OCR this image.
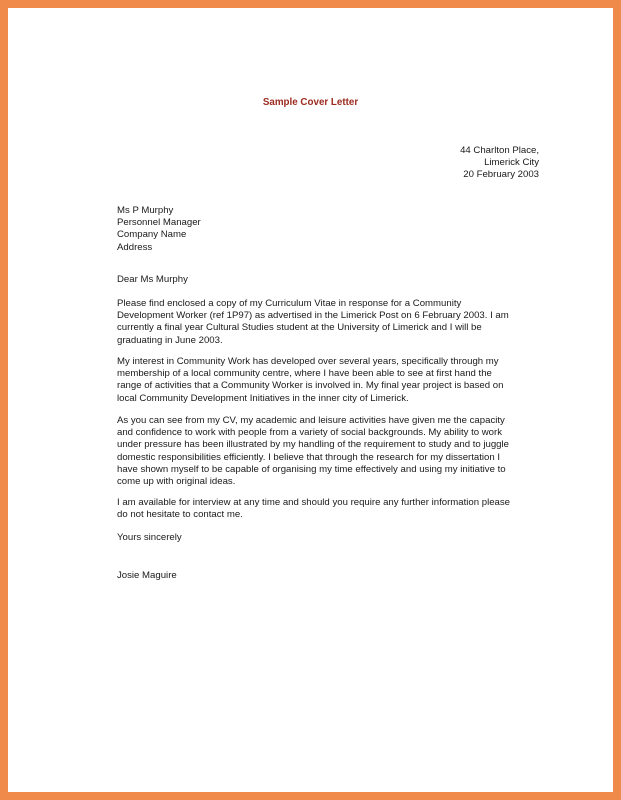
Sample Cover Letter
44 Charlton Place,
Limerick City
20 February 2003
Ms P Murphy
Personnel Manager
Company Name
Address
Dear Ms Murphy
Please find enclosed a copy of my Curriculum Vitae in response for a Community
Development Worker (ref 1P97) as advertised in the Limerick Post on 6 February 2003. I am
currently a final year Cultural Studies student at the University of Limerick and I will be
graduating in June 2003.
My interest in Community Work has developed over several years, specifically through my
membership of a local community centre, where I have been able to see at first hand the
range of activities that a Community Worker is involved in. My final year project is based on
local Community Development Initiatives in the inner city of Limerick.
As you can see from my CV, my academic and leisure activities have given me the capacity
and confidence to work with people from a variety of social backgrounds. My ability to work
under pressure has been illustrated by my handling of the requirement to study and to juggle
domestic responsibilities efficiently. I believe that through the research for my dissertation I
have shown myself to be capable of organising my time effectively and using my initiative to
come up with original ideas.
I am available for interview at any time and should you require any further information please
do not hesitate to contact me.
Yours sincerely
Josie Maguire
